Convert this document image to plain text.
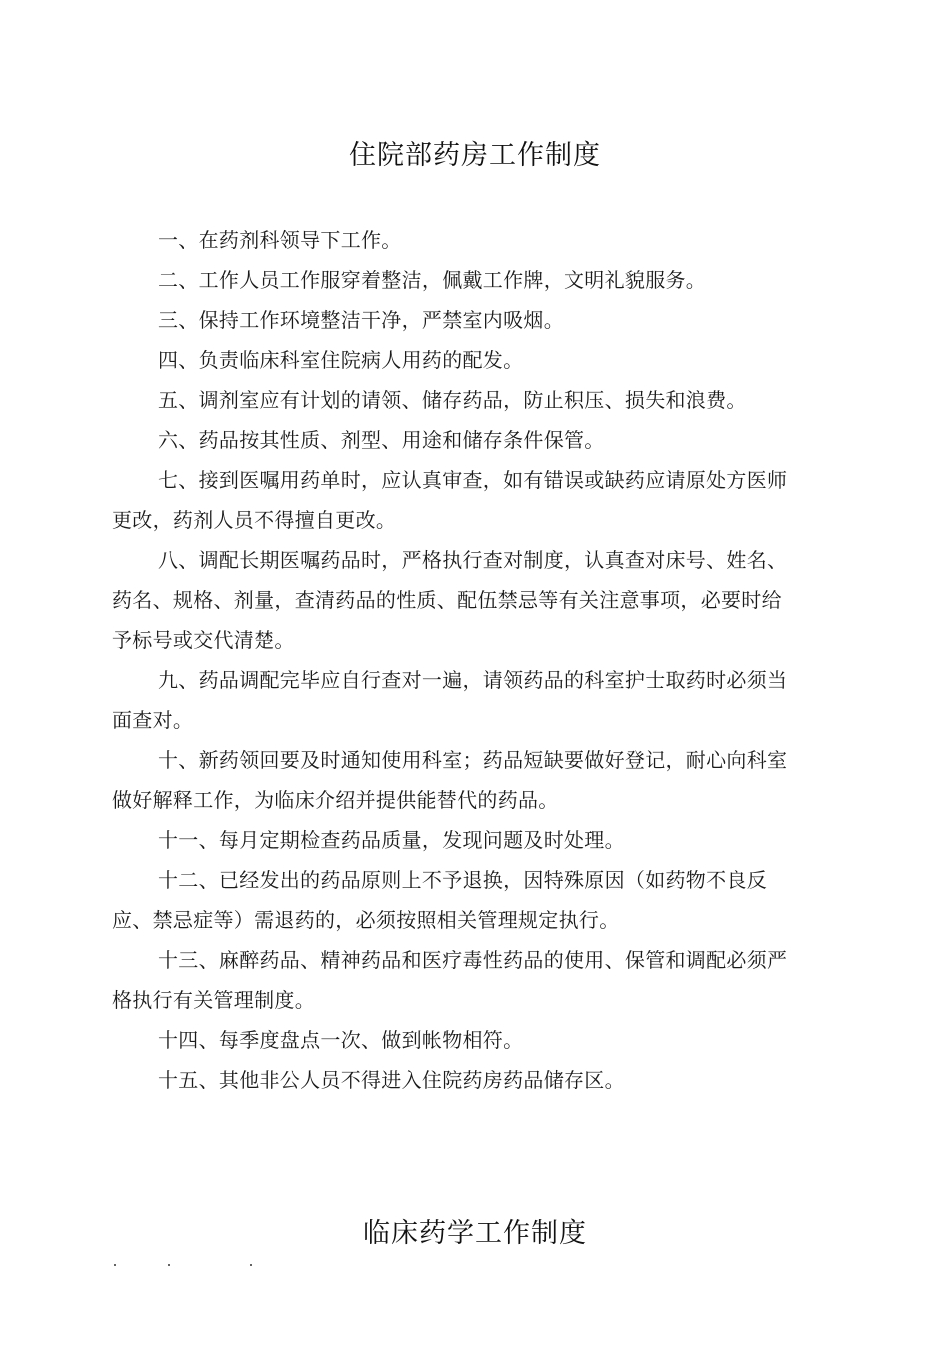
住院部药房工作制度

一、在药剂科领导下工作。

二、工作人员工作服穿着整洁，佩戴工作牌，文明礼貌服务。

三、保持工作环境整洁干净，严禁室内吸烟。

四、负责临床科室住院病人用药的配发。

五、调剂室应有计划的请领、储存药品，防止积压、损失和浪费。

六、药品按其性质、剂型、用途和储存条件保管。

七、接到医嘱用药单时，应认真审查，如有错误或缺药应请原处方医师更改，药剂人员不得擅自更改。

八、调配长期医嘱药品时，严格执行查对制度，认真查对床号、姓名、药名、规格、剂量，查清药品的性质、配伍禁忌等有关注意事项，必要时给予标号或交代清楚。

九、药品调配完毕应自行查对一遍，请领药品的科室护士取药时必须当面查对。

十、新药领回要及时通知使用科室；药品短缺要做好登记，耐心向科室做好解释工作，为临床介绍并提供能替代的药品。

十一、每月定期检查药品质量，发现问题及时处理。

十二、已经发出的药品原则上不予退换，因特殊原因（如药物不良反应、禁忌症等）需退药的，必须按照相关管理规定执行。

十三、麻醉药品、精神药品和医疗毒性药品的使用、保管和调配必须严格执行有关管理制度。

十四、每季度盘点一次、做到帐物相符。

十五、其他非公人员不得进入住院药房药品储存区。

临床药学工作制度
